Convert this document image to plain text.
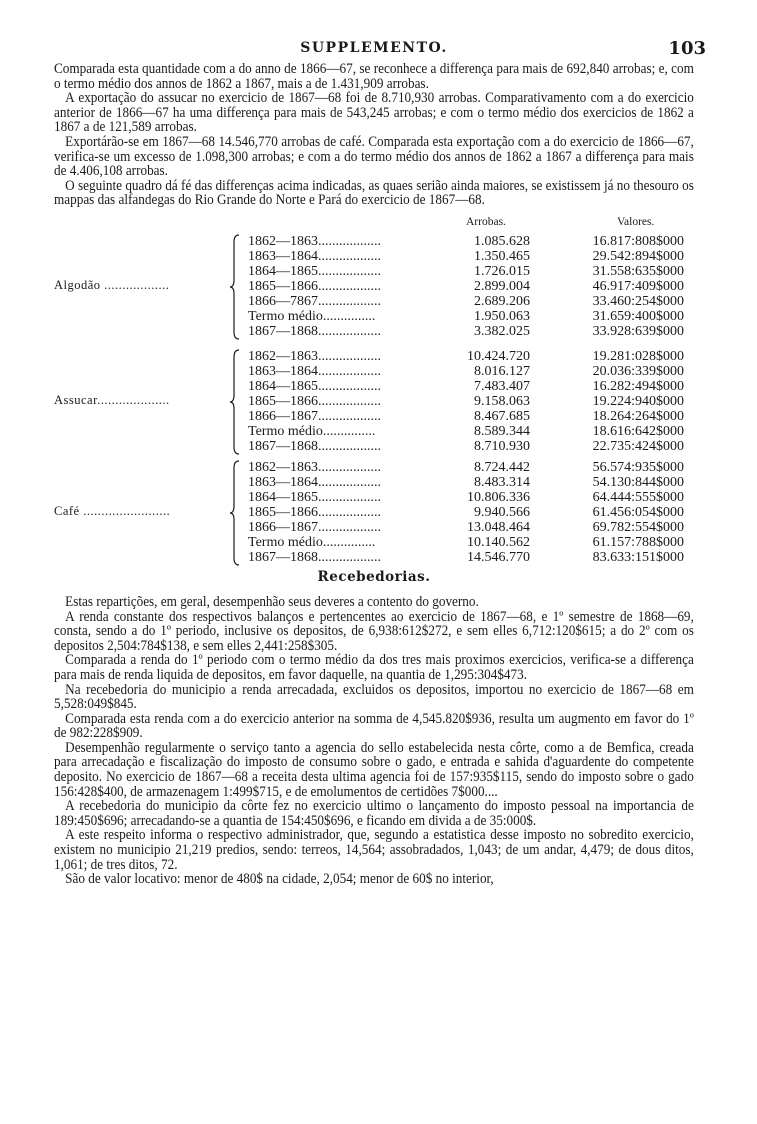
SUPPLEMENTO.	103

Comparada esta quantidade com a do anno de 1866—67, se reconhece a differença para mais de 692,840 arrobas; e, com o termo médio dos annos de 1862 a 1867, mais a de 1.431,909 arrobas.

A exportação do assucar no exercicio de 1867—68 foi de 8.710,930 arrobas. Comparativamento com a do exercicio anterior de 1866—67 ha uma differença para mais de 543,245 arrobas; e com o termo médio dos exercicios de 1862 a 1867 a de 121,589 arrobas.

Exportárão-se em 1867—68 14.546,770 arrobas de café. Comparada esta exportação com a do exercicio de 1866—67, verifica-se um excesso de 1.098,300 arrobas; e com a do termo médio dos annos de 1862 a 1867 a differença para mais de 4.406,108 arrobas.

O seguinte quadro dá fé das differenças acima indicadas, as quaes serião ainda maiores, se existissem já no thesouro os mappas das alfandegas do Rio Grande do Norte e Pará do exercicio de 1867—68.

Arrobas.	Valores.
Algodão ..................
1862—1863..................	1.085.628	16.817:808$000
1863—1864..................	1.350.465	29.542:894$000
1864—1865..................	1.726.015	31.558:635$000
1865—1866..................	2.899.004	46.917:409$000
1866—7867..................	2.689.206	33.460:254$000
Termo médio...............	1.950.063	31.659:400$000
1867—1868..................	3.382.025	33.928:639$000
Assucar....................
1862—1863..................	10.424.720	19.281:028$000
1863—1864..................	8.016.127	20.036:339$000
1864—1865..................	7.483.407	16.282:494$000
1865—1866..................	9.158.063	19.224:940$000
1866—1867..................	8.467.685	18.264:264$000
Termo médio...............	8.589.344	18.616:642$000
1867—1868..................	8.710.930	22.735:424$000
Café ........................
1862—1863..................	8.724.442	56.574:935$000
1863—1864..................	8.483.314	54.130:844$000
1864—1865..................	10.806.336	64.444:555$000
1865—1866..................	9.940.566	61.456:054$000
1866—1867..................	13.048.464	69.782:554$000
Termo médio...............	10.140.562	61.157:788$000
1867—1868..................	14.546.770	83.633:151$000
Recebedorias.

Estas repartições, em geral, desempenhão seus deveres a contento do governo.

A renda constante dos respectivos balanços e pertencentes ao exercicio de 1867—68, e 1º semestre de 1868—69, consta, sendo a do 1º periodo, inclusive os depositos, de 6,938:612$272, e sem elles 6,712:120$615; a do 2º com os depositos 2,504:784$138, e sem elles 2,441:258$305.

Comparada a renda do 1º periodo com o termo médio da dos tres mais proximos exercicios, verifica-se a differença para mais de renda liquida de depositos, em favor daquelle, na quantia de 1,295:304$473.

Na recebedoria do municipio a renda arrecadada, excluidos os depositos, importou no exercicio de 1867—68 em 5,528:049$845.

Comparada esta renda com a do exercicio anterior na somma de 4,545.820$936, resulta um augmento em favor do 1º de 982:228$909.

Desempenhão regularmente o serviço tanto a agencia do sello estabelecida nesta côrte, como a de Bemfica, creada para arrecadação e fiscalização do imposto de consumo sobre o gado, e entrada e sahida d'aguardente do competente deposito. No exercicio de 1867—68 a receita desta ultima agencia foi de 157:935$115, sendo do imposto sobre o gado 156:428$400, de armazenagem 1:499$715, e de emolumentos de certidões 7$000....

A recebedoria do municipio da côrte fez no exercicio ultimo o lançamento do imposto pessoal na importancia de 189:450$696; arrecadando-se a quantia de 154:450$696, e ficando em divida a de 35:000$.

A este respeito informa o respectivo administrador, que, segundo a estatistica desse imposto no sobredito exercicio, existem no municipio 21,219 predios, sendo: terreos, 14,564; assobradados, 1,043; de um andar, 4,479; de dous ditos, 1,061; de tres ditos, 72.

São de valor locativo: menor de 480$ na cidade, 2,054; menor de 60$ no interior,
